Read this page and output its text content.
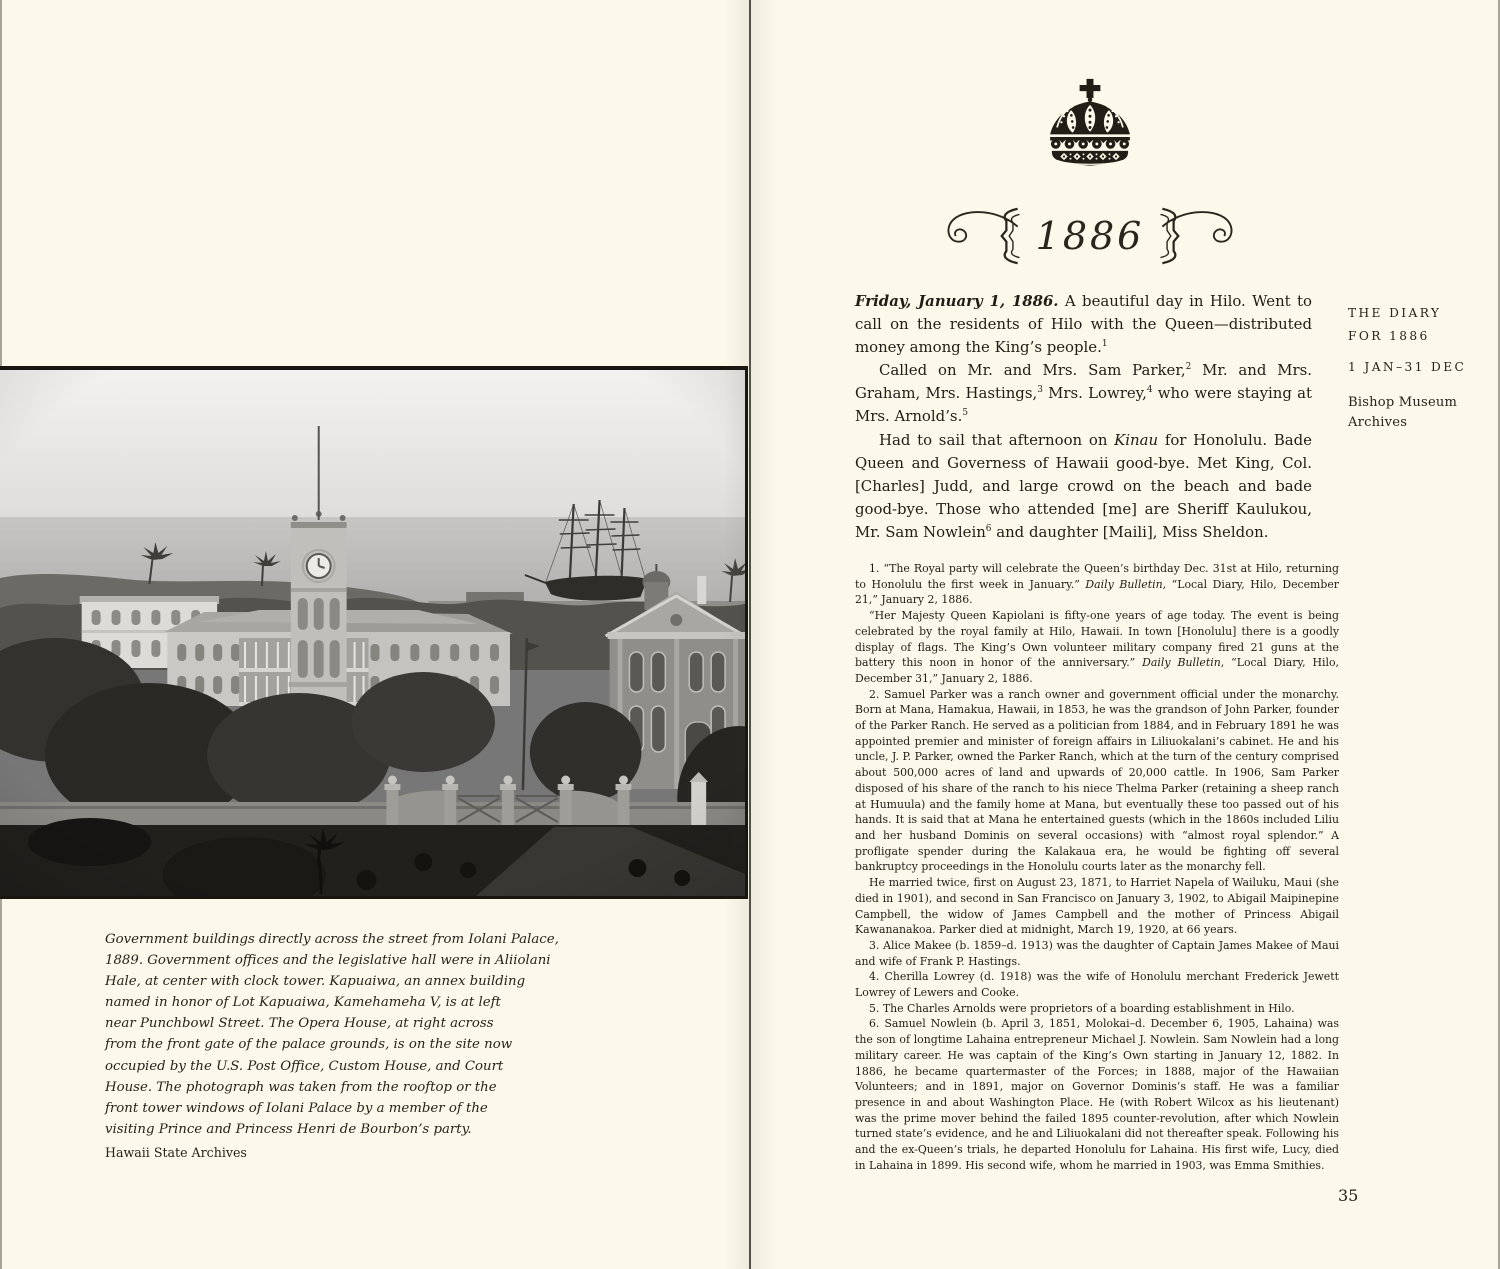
Government buildings directly across the street from Iolani Palace,
1889. Government offices and the legislative hall were in Aliiolani
Hale, at center with clock tower. Kapuaiwa, an annex building
named in honor of Lot Kapuaiwa, Kamehameha V, is at left
near Punchbowl Street. The Opera House, at right across
from the front gate of the palace grounds, is on the site now
occupied by the U.S. Post Office, Custom House, and Court
House. The photograph was taken from the rooftop or the
front tower windows of Iolani Palace by a member of the
visiting Prince and Princess Henri de Bourbon’s party.
Hawaii State Archives
1886
Friday, January 1, 1886. A beautiful day in Hilo. Went to call on the residents of Hilo with the Queen—distributed money among the King’s people.$^1$
Called on Mr. and Mrs. Sam Parker,$^2$ Mr. and Mrs. Graham, Mrs. Hastings,$^3$ Mrs. Lowrey,$^4$ who were staying at Mrs. Arnold’s.$^5$
Had to sail that afternoon on Kinau for Honolulu. Bade Queen and Governess of Hawaii good-bye. Met King, Col. [Charles] Judd, and large crowd on the beach and bade good-bye. Those who attended [me] are Sheriff Kaulukou, Mr. Sam Nowlein$^6$ and daughter [Maili], Miss Sheldon.
1. “The Royal party will celebrate the Queen’s birthday Dec. 31st at Hilo, returning to Honolulu the first week in January.” Daily Bulletin, “Local Diary, Hilo, December 21,” January 2, 1886.
“Her Majesty Queen Kapiolani is fifty-one years of age today. The event is being celebrated by the royal family at Hilo, Hawaii. In town [Honolulu] there is a goodly display of flags. The King’s Own volunteer military company fired 21 guns at the battery this noon in honor of the anniversary.” Daily Bulletin, “Local Diary, Hilo, December 31,” January 2, 1886.
2. Samuel Parker was a ranch owner and government official under the monarchy. Born at Mana, Hamakua, Hawaii, in 1853, he was the grandson of John Parker, founder of the Parker Ranch. He served as a politician from 1884, and in February 1891 he was appointed premier and minister of foreign affairs in Liliuokalani’s cabinet. He and his uncle, J. P. Parker, owned the Parker Ranch, which at the turn of the century comprised about 500,000 acres of land and upwards of 20,000 cattle. In 1906, Sam Parker disposed of his share of the ranch to his niece Thelma Parker (retaining a sheep ranch at Humuula) and the family home at Mana, but eventually these too passed out of his hands. It is said that at Mana he entertained guests (which in the 1860s included Liliu and her husband Dominis on several occasions) with “almost royal splendor.” A profligate spender during the Kalakaua era, he would be fighting off several bankruptcy proceedings in the Honolulu courts later as the monarchy fell.
He married twice, first on August 23, 1871, to Harriet Napela of Wailuku, Maui (she died in 1901), and second in San Francisco on January 3, 1902, to Abigail Maipinepine Campbell, the widow of James Campbell and the mother of Princess Abigail Kawananakoa. Parker died at midnight, March 19, 1920, at 66 years.
3. Alice Makee (b. 1859–d. 1913) was the daughter of Captain James Makee of Maui and wife of Frank P. Hastings.
4. Cherilla Lowrey (d. 1918) was the wife of Honolulu merchant Frederick Jewett Lowrey of Lewers and Cooke.
5. The Charles Arnolds were proprietors of a boarding establishment in Hilo.
6. Samuel Nowlein (b. April 3, 1851, Molokai–d. December 6, 1905, Lahaina) was the son of longtime Lahaina entrepreneur Michael J. Nowlein. Sam Nowlein had a long military career. He was captain of the King’s Own starting in January 12, 1882. In 1886, he became quartermaster of the Forces; in 1888, major of the Hawaiian Volunteers; and in 1891, major on Governor Dominis’s staff. He was a familiar presence in and about Washington Place. He (with Robert Wilcox as his lieutenant) was the prime mover behind the failed 1895 counter-revolution, after which Nowlein turned state’s evidence, and he and Liliuokalani did not thereafter speak. Following his and the ex-Queen’s trials, he departed Honolulu for Lahaina. His first wife, Lucy, died in Lahaina in 1899. His second wife, whom he married in 1903, was Emma Smithies.
THE DIARY
FOR 1886
1 JAN–31 DEC
Bishop Museum
Archives
35
